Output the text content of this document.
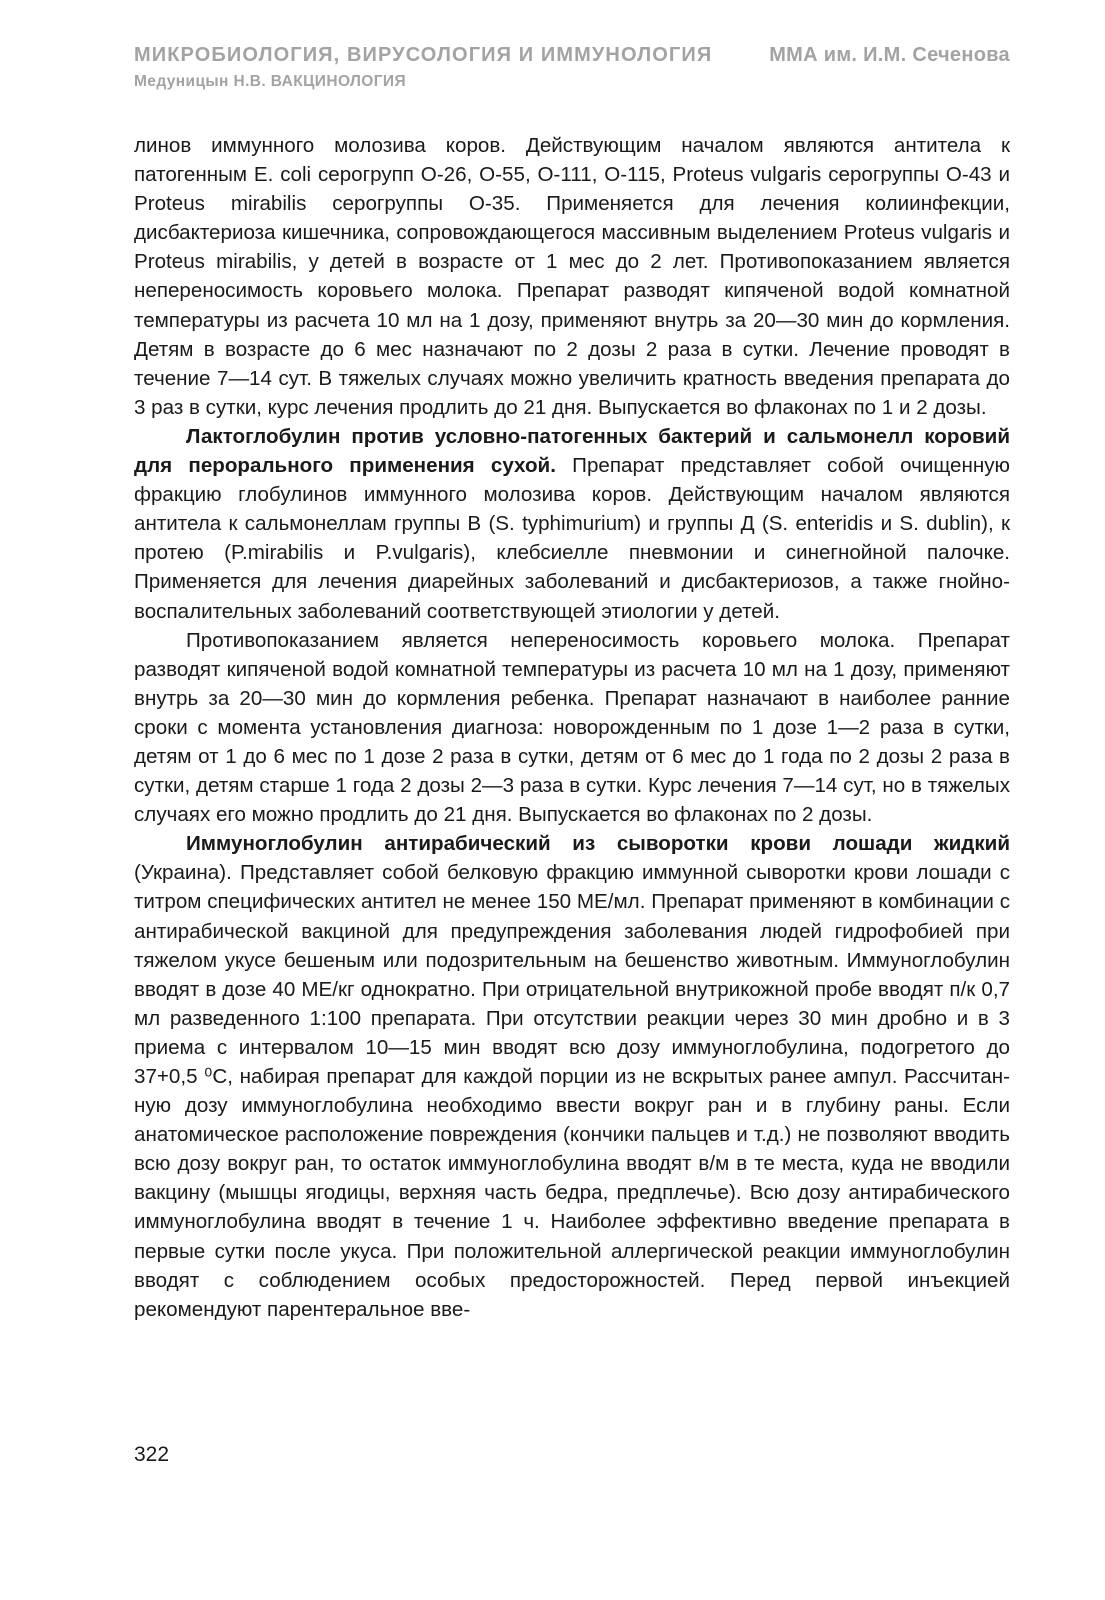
МИКРОБИОЛОГИЯ, ВИРУСОЛОГИЯ И ИММУНОЛОГИЯ	ММА им. И.М. Сеченова
Медуницын Н.В. ВАКЦИНОЛОГИЯ

линов иммунного молозива коров. Действующим началом являются антитела к патогенным E. coli серогрупп О-26, О-55, О-111, О-115, Proteus vulgaris серогруппы О-43 и Proteus mirabilis серогруппы О-35. Применяется для лечения колиинфекции, дисбактериоза кишечника, сопровождающегося массивным выделением Proteus vulgaris и Proteus mirabilis, у детей в возрасте от 1 мес до 2 лет. Противопоказанием является непереносимость коровьего молока. Препарат разводят кипяченой водой комнатной температуры из расчета 10 мл на 1 дозу, применяют внутрь за 20—30 мин до кормления. Детям в возрасте до 6 мес назначают по 2 дозы 2 раза в сутки. Лечение проводят в течение 7—14 сут. В тяжелых случаях можно увеличить кратность введения препарата до 3 раз в сутки, курс лечения продлить до 21 дня. Выпускается во флаконах по 1 и 2 дозы.

Лактоглобулин против условно-патогенных бактерий и сальмонелл коровий для перорального применения сухой. Препарат представляет собой очищенную фракцию глобулинов иммунного молозива коров. Действующим началом являются антитела к сальмонеллам группы В (S. typhimurium) и группы Д (S. enteridis и S. dublin), к протею (P.mirabilis и P.vulgaris), клебсиелле пневмонии и синегнойной палочке. Применяется для лечения диарейных заболеваний и дисбактериозов, а также гнойно-воспалительных заболеваний соответствующей этиологии у детей.

Противопоказанием является непереносимость коровьего молока. Препарат разводят кипяченой водой комнатной температуры из расчета 10 мл на 1 дозу, применяют внутрь за 20—30 мин до кормления ребенка. Препарат назначают в наиболее ранние сроки с момента установления диагноза: новорожденным по 1 дозе 1—2 раза в сутки, детям от 1 до 6 мес по 1 дозе 2 раза в сутки, детям от 6 мес до 1 года по 2 дозы 2 раза в сутки, детям старше 1 года 2 дозы 2—3 раза в сутки. Курс лечения 7—14 сут, но в тяжелых случаях его можно продлить до 21 дня. Выпускается во флаконах по 2 дозы.

Иммуноглобулин антирабический из сыворотки крови лошади жидкий (Украина). Представляет собой белковую фракцию иммунной сыворотки крови лошади с титром специфических антител не менее 150 МЕ/мл. Препарат применяют в комбинации с антирабической вакциной для предупреждения заболевания людей гидрофобией при тяжелом укусе бешеным или подозрительным на бешенство животным. Иммуноглобулин вводят в дозе 40 МЕ/кг однократно. При отрицательной внутрикожной пробе вводят п/к 0,7 мл разведенного 1:100 препарата. При отсутствии реакции через 30 мин дробно и в 3 приема с интервалом 10—15 мин вводят всю дозу иммуноглобулина, подогретого до 37+0,5 ⁰С, набирая препарат для каждой порции из не вскрытых ранее ампул. Рассчитанную дозу иммуноглобулина необходимо ввести вокруг ран и в глубину раны. Если анатомическое расположение повреждения (кончики пальцев и т.д.) не позволяют вводить всю дозу вокруг ран, то остаток иммуноглобулина вводят в/м в те места, куда не вводили вакцину (мышцы ягодицы, верхняя часть бедра, предплечье). Всю дозу антирабического иммуноглобулина вводят в течение 1 ч. Наиболее эффективно введение препарата в первые сутки после укуса. При положительной аллергической реакции иммуноглобулин вводят с соблюдением особых предосторожностей. Перед первой инъекцией рекомендуют парентеральное вве-

322
